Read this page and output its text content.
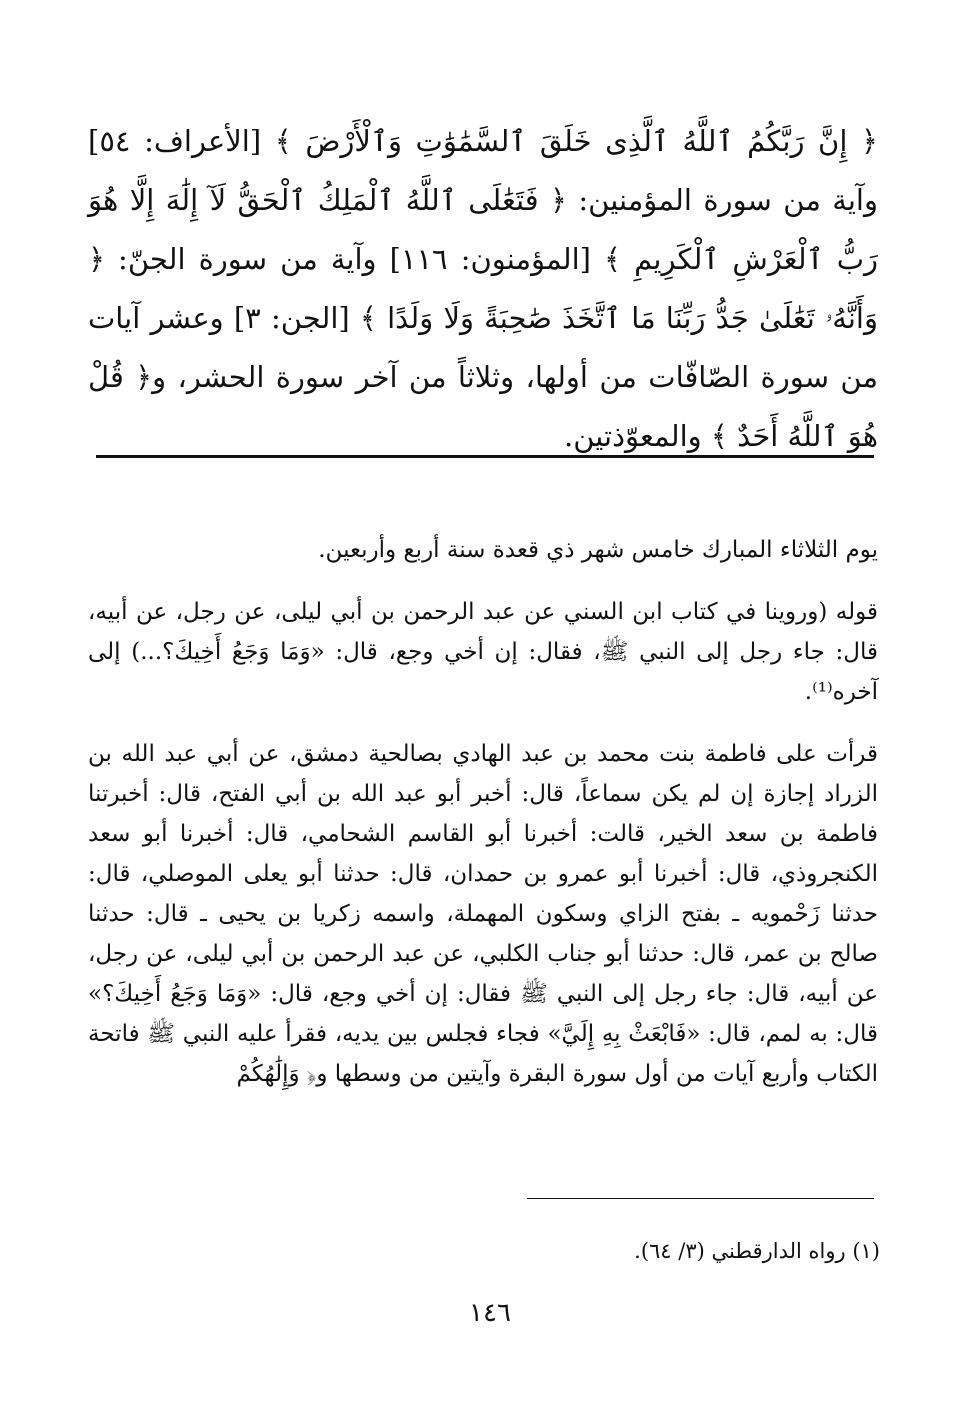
﴿ إِنَّ رَبَّكُمُ ٱللَّهُ ٱلَّذِى خَلَقَ ٱلسَّمَٰوَٰتِ وَٱلْأَرْضَ ﴾ [الأعراف: ٥٤] وآية من سورة المؤمنين: ﴿ فَتَعَٰلَى ٱللَّهُ ٱلْمَلِكُ ٱلْحَقُّ لَآ إِلَٰهَ إِلَّا هُوَ رَبُّ ٱلْعَرْشِ ٱلْكَرِيمِ ﴾ [المؤمنون: ١١٦] وآية من سورة الجنّ: ﴿ وَأَنَّهُۥ تَعَٰلَىٰ جَدُّ رَبِّنَا مَا ٱتَّخَذَ صَٰحِبَةً وَلَا وَلَدًا ﴾ [الجن: ٣] وعشر آيات من سورة الصّافّات من أولها، وثلاثاً من آخر سورة الحشر، و﴿ قُلْ هُوَ ٱللَّهُ أَحَدٌ ﴾ والمعوّذتين.

يوم الثلاثاء المبارك خامس شهر ذي قعدة سنة أربع وأربعين.

قوله (وروينا في كتاب ابن السني عن عبد الرحمن بن أبي ليلى، عن رجل، عن أبيه، قال: جاء رجل إلى النبي ﷺ، فقال: إن أخي وجع، قال: «وَمَا وَجَعُ أَخِيكَ؟...) إلى آخره⁽¹⁾.

قرأت على فاطمة بنت محمد بن عبد الهادي بصالحية دمشق، عن أبي عبد الله بن الزراد إجازة إن لم يكن سماعاً، قال: أخبر أبو عبد الله بن أبي الفتح، قال: أخبرتنا فاطمة بن سعد الخير، قالت: أخبرنا أبو القاسم الشحامي، قال: أخبرنا أبو سعد الكنجروذي، قال: أخبرنا أبو عمرو بن حمدان، قال: حدثنا أبو يعلى الموصلي، قال: حدثنا زَحْمويه ـ بفتح الزاي وسكون المهملة، واسمه زكريا بن يحيى ـ قال: حدثنا صالح بن عمر، قال: حدثنا أبو جناب الكلبي، عن عبد الرحمن بن أبي ليلى، عن رجل، عن أبيه، قال: جاء رجل إلى النبي ﷺ فقال: إن أخي وجع، قال: «وَمَا وَجَعُ أَخِيكَ؟» قال: به لمم، قال: «فَابْعَثْ بِهِ إِلَيَّ» فجاء فجلس بين يديه، فقرأ عليه النبي ﷺ فاتحة الكتاب وأربع آيات من أول سورة البقرة وآيتين من وسطها و﴿ وَإِلَٰهُكُمْ

(١) رواه الدارقطني (٣/ ٦٤).
١٤٦
